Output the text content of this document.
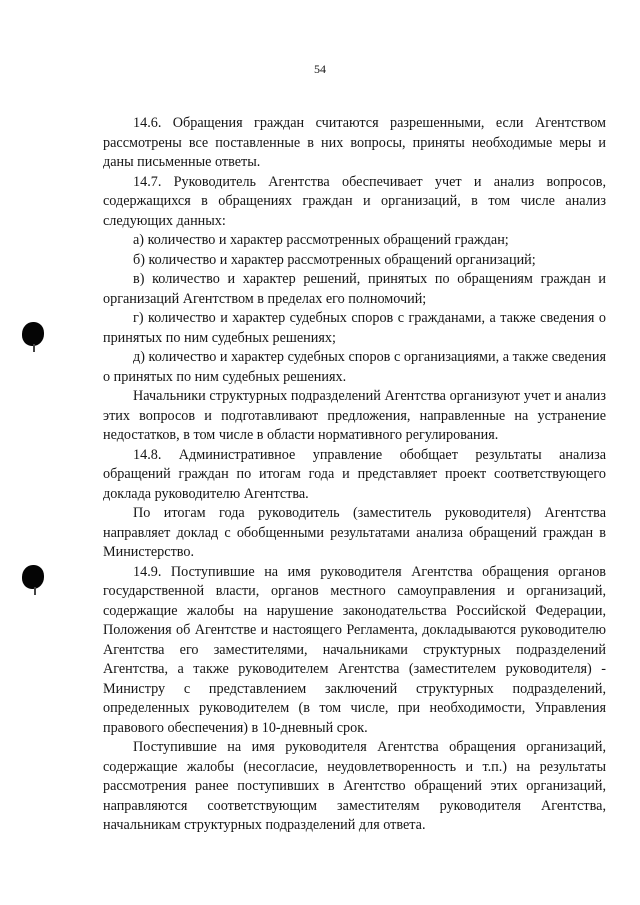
54

14.6. Обращения граждан считаются разрешенными, если Агентством рассмотрены все поставленные в них вопросы, приняты необходимые меры и даны письменные ответы.

14.7. Руководитель Агентства обеспечивает учет и анализ вопросов, содержащихся в обращениях граждан и организаций, в том числе анализ следующих данных:

а) количество и характер рассмотренных обращений граждан;

б) количество и характер рассмотренных обращений организаций;

в) количество и характер решений, принятых по обращениям граждан и организаций Агентством в пределах его полномочий;

г) количество и характер судебных споров с гражданами, а также сведения о принятых по ним судебных решениях;

д) количество и характер судебных споров с организациями, а также сведения о принятых по ним судебных решениях.

Начальники структурных подразделений Агентства организуют учет и анализ этих вопросов и подготавливают предложения, направленные на устранение недостатков, в том числе в области нормативного регулирования.

14.8. Административное управление обобщает результаты анализа обращений граждан по итогам года и представляет проект соответствующего доклада руководителю Агентства.

По итогам года руководитель (заместитель руководителя) Агентства направляет доклад с обобщенными результатами анализа обращений граждан в Министерство.

14.9. Поступившие на имя руководителя Агентства обращения органов государственной власти, органов местного самоуправления и организаций, содержащие жалобы на нарушение законодательства Российской Федерации, Положения об Агентстве и настоящего Регламента, докладываются руководителю Агентства его заместителями, начальниками структурных подразделений Агентства, а также руководителем Агентства (заместителем руководителя) - Министру с представлением заключений структурных подразделений, определенных руководителем (в том числе, при необходимости, Управления правового обеспечения) в 10-дневный срок.

Поступившие на имя руководителя Агентства обращения организаций, содержащие жалобы (несогласие, неудовлетворенность и т.п.) на результаты рассмотрения ранее поступивших в Агентство обращений этих организаций, направляются соответствующим заместителям руководителя Агентства, начальникам структурных подразделений для ответа.
